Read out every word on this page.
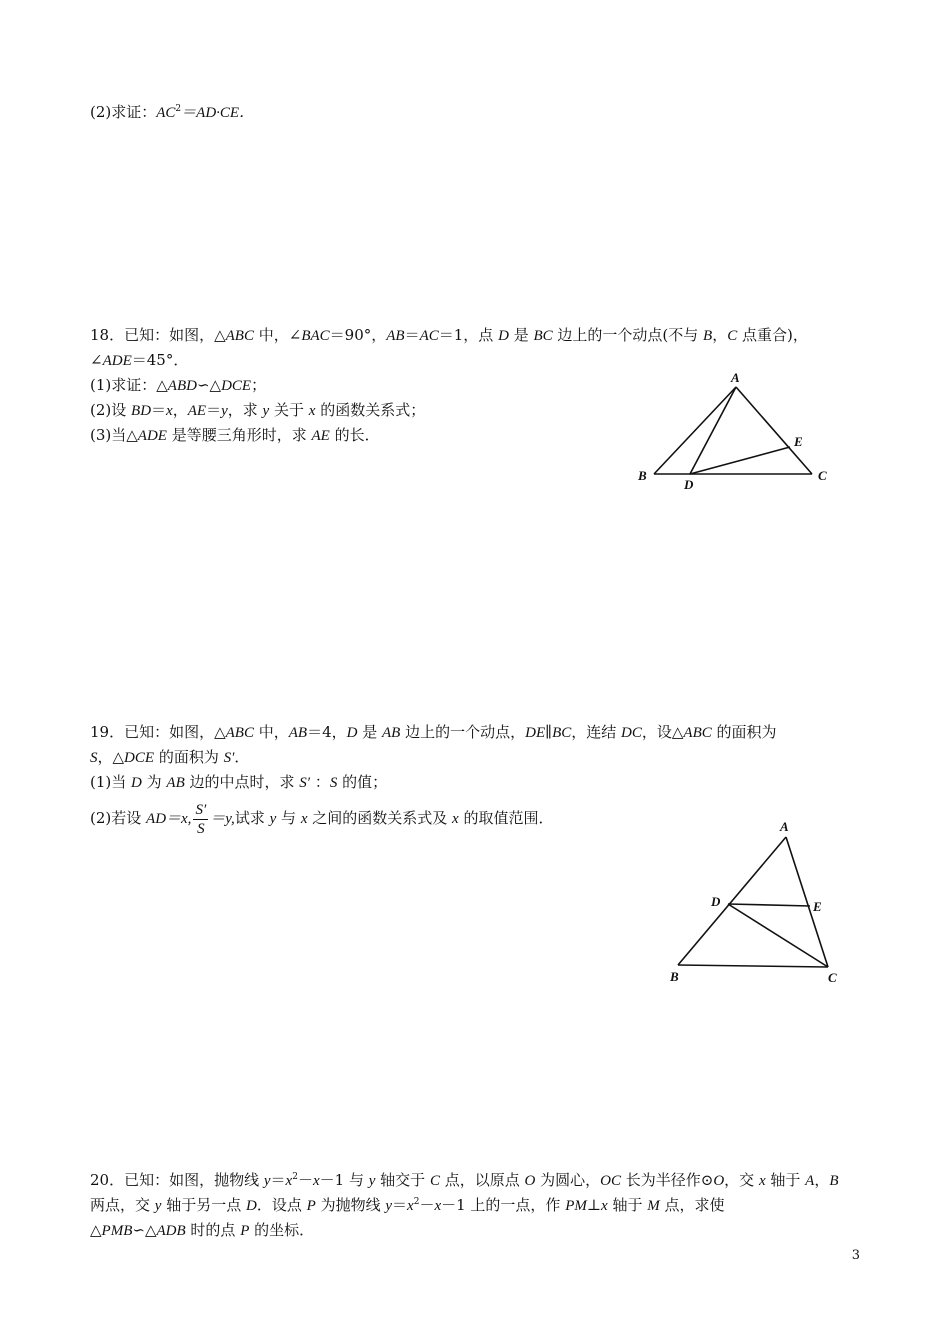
(2)求证：$AC^2=AD\cdot CE$．
18．已知：如图，△ABC 中，∠BAC＝90°，AB＝AC＝1，点 D 是 BC 边上的一个动点(不与 B，C 点重合)，
∠ADE＝45°．
(1)求证：△ABD∽△DCE；
(2)设 BD＝x，AE＝y，求 y 关于 x 的函数关系式；
(3)当△ADE 是等腰三角形时，求 AE 的长．
A
B	C
D
E
19．已知：如图，△ABC 中，AB＝4，D 是 AB 边上的一个动点，DE∥BC，连结 DC，设△ABC 的面积为
S，△DCE 的面积为 S′．
(1)当 D 为 AB 边的中点时，求 S′ ：S 的值；
(2)若设 AD＝x, $\frac{S'}{S} =y$,试求 y 与 x 之间的函数关系式及 x 的取值范围．	A
B	C
D	E
20．已知：如图，抛物线 $y=x^2-x-1$ 与 y 轴交于 C 点，以原点 O 为圆心，OC 长为半径作⊙O，交 x 轴于 A，B
两点，交 y 轴于另一点 D．设点 P 为抛物线 $y=x^2-x-1$ 上的一点，作 PM⊥x 轴于 M 点，求使
△PMB∽△ADB 时的点 P 的坐标．
3
